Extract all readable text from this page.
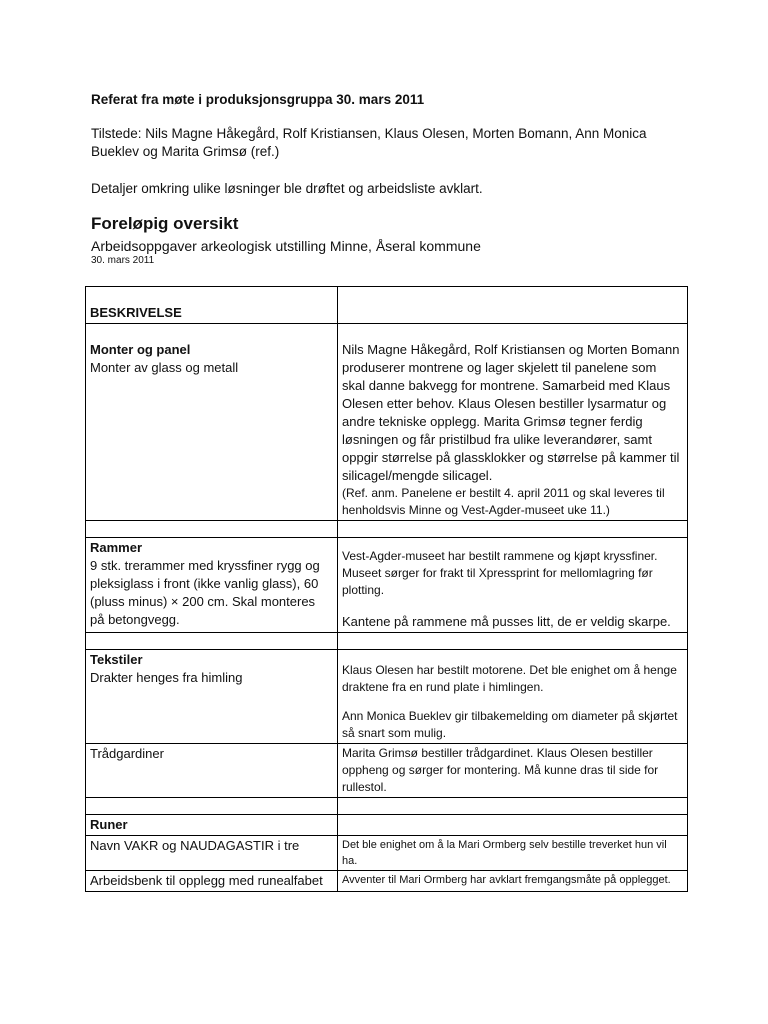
Referat fra møte i produksjonsgruppa 30. mars 2011

Tilstede: Nils Magne Håkegård, Rolf Kristiansen, Klaus Olesen, Morten Bomann, Ann Monica Bueklev og Marita Grimsø (ref.)

Detaljer omkring ulike løsninger ble drøftet og arbeidsliste avklart.

Foreløpig oversikt

Arbeidsoppgaver arkeologisk utstilling Minne, Åseral kommune

30. mars 2011

BESKRIVELSE	

Monter og panel
Monter av glass og metall	Nils Magne Håkegård, Rolf Kristiansen og Morten Bomann produserer montrene og lager skjelett til panelene som skal danne bakvegg for montrene. Samarbeid med Klaus Olesen etter behov. Klaus Olesen bestiller lysarmatur og andre tekniske opplegg. Marita Grimsø tegner ferdig løsningen og får pristilbud fra ulike leverandører, samt oppgir størrelse på glassklokker og størrelse på kammer til silicagel/mengde silicagel.
(Ref. anm. Panelene er bestilt 4. april 2011 og skal leveres til henholdsvis Minne og Vest-Agder-museet uke 11.)

Rammer
9 stk. trerammer med kryssfiner rygg og pleksiglass i front (ikke vanlig glass), 60 (pluss minus) × 200 cm. Skal monteres på betongvegg.	Vest-Agder-museet har bestilt rammene og kjøpt kryssfiner. Museet sørger for frakt til Xpressprint for mellomlagring før plotting.
Kantene på rammene må pusses litt, de er veldig skarpe.

Tekstiler
Drakter henges fra himling	Klaus Olesen har bestilt motorene. Det ble enighet om å henge draktene fra en rund plate i himlingen.
Ann Monica Bueklev gir tilbakemelding om diameter på skjørtet så snart som mulig.

Trådgardiner	Marita Grimsø bestiller trådgardinet. Klaus Olesen bestiller oppheng og sørger for montering. Må kunne dras til side for rullestol.

Runer	

Navn VAKR og NAUDAGASTIR i tre	Det ble enighet om å la Mari Ormberg selv bestille treverket hun vil ha.

Arbeidsbenk til opplegg med runealfabet	Avventer til Mari Ormberg har avklart fremgangsmåte på opplegget.
